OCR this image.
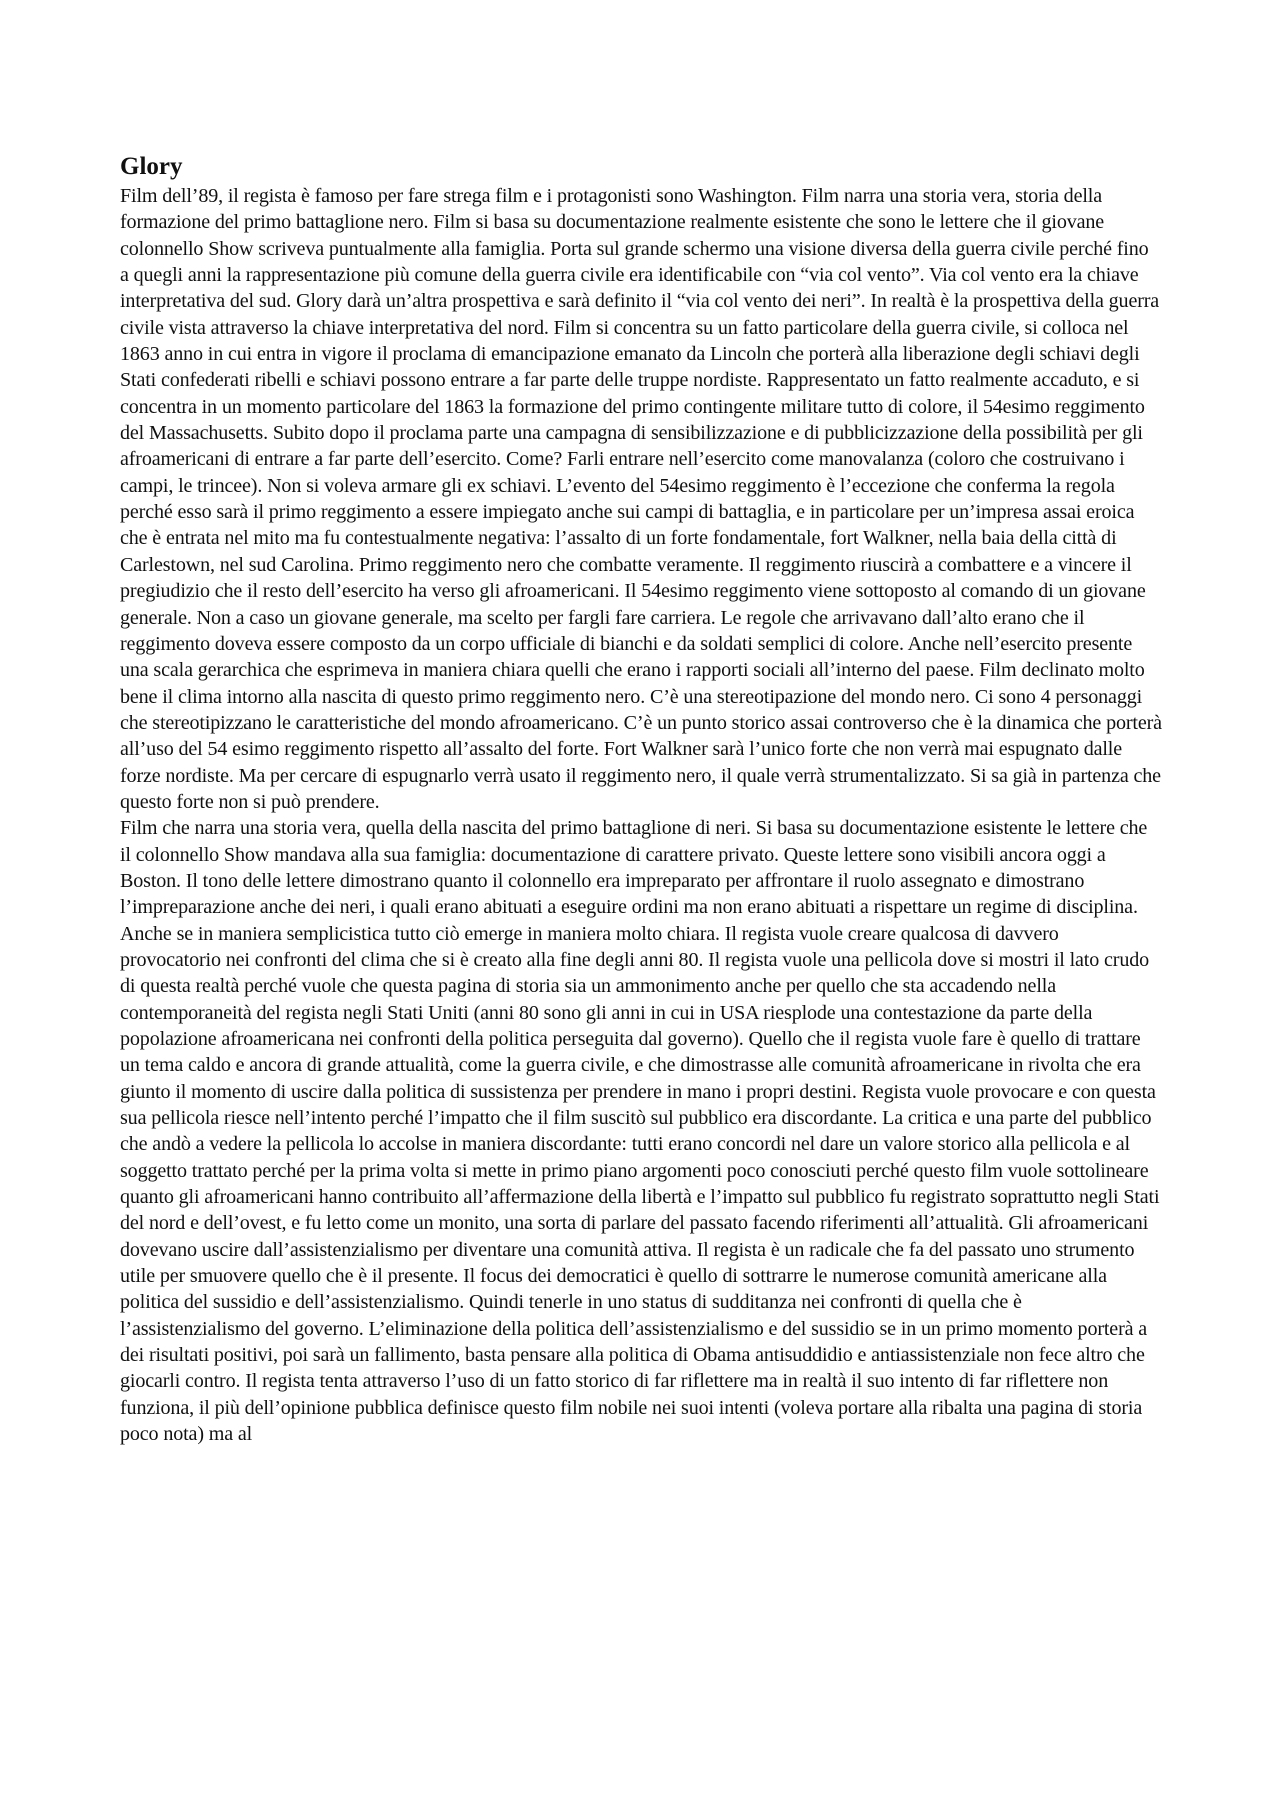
Glory

Film dell’89, il regista è famoso per fare strega film e i protagonisti sono Washington. Film narra una storia vera, storia della formazione del primo battaglione nero. Film si basa su documentazione realmente esistente che sono le lettere che il giovane colonnello Show scriveva puntualmente alla famiglia. Porta sul grande schermo una visione diversa della guerra civile perché fino a quegli anni la rappresentazione più comune della guerra civile era identificabile con “via col vento”. Via col vento era la chiave interpretativa del sud. Glory darà un’altra prospettiva e sarà definito il “via col vento dei neri”. In realtà è la prospettiva della guerra civile vista attraverso la chiave interpretativa del nord. Film si concentra su un fatto particolare della guerra civile, si colloca nel 1863 anno in cui entra in vigore il proclama di emancipazione emanato da Lincoln che porterà alla liberazione degli schiavi degli Stati confederati ribelli e schiavi possono entrare a far parte delle truppe nordiste. Rappresentato un fatto realmente accaduto, e si concentra in un momento particolare del 1863 la formazione del primo contingente militare tutto di colore, il 54esimo reggimento del Massachusetts. Subito dopo il proclama parte una campagna di sensibilizzazione e di pubblicizzazione della possibilità per gli afroamericani di entrare a far parte dell’esercito. Come? Farli entrare nell’esercito come manovalanza (coloro che costruivano i campi, le trincee). Non si voleva armare gli ex schiavi. L’evento del 54esimo reggimento è l’eccezione che conferma la regola perché esso sarà il primo reggimento a essere impiegato anche sui campi di battaglia, e in particolare per un’impresa assai eroica che è entrata nel mito ma fu contestualmente negativa: l’assalto di un forte fondamentale, fort Walkner, nella baia della città di Carlestown, nel sud Carolina. Primo reggimento nero che combatte veramente. Il reggimento riuscirà a combattere e a vincere il pregiudizio che il resto dell’esercito ha verso gli afroamericani. Il 54esimo reggimento viene sottoposto al comando di un giovane generale. Non a caso un giovane generale, ma scelto per fargli fare carriera. Le regole che arrivavano dall’alto erano che il reggimento doveva essere composto da un corpo ufficiale di bianchi e da soldati semplici di colore. Anche nell’esercito presente una scala gerarchica che esprimeva in maniera chiara quelli che erano i rapporti sociali all’interno del paese. Film declinato molto bene il clima intorno alla nascita di questo primo reggimento nero. C’è una stereotipazione del mondo nero. Ci sono 4 personaggi che stereotipizzano le caratteristiche del mondo afroamericano. C’è un punto storico assai controverso che è la dinamica che porterà all’uso del 54 esimo reggimento rispetto all’assalto del forte. Fort Walkner sarà l’unico forte che non verrà mai espugnato dalle forze nordiste. Ma per cercare di espugnarlo verrà usato il reggimento nero, il quale verrà strumentalizzato. Si sa già in partenza che questo forte non si può prendere.

Film che narra una storia vera, quella della nascita del primo battaglione di neri. Si basa su documentazione esistente le lettere che il colonnello Show mandava alla sua famiglia: documentazione di carattere privato. Queste lettere sono visibili ancora oggi a Boston. Il tono delle lettere dimostrano quanto il colonnello era impreparato per affrontare il ruolo assegnato e dimostrano l’impreparazione anche dei neri, i quali erano abituati a eseguire ordini ma non erano abituati a rispettare un regime di disciplina. Anche se in maniera semplicistica tutto ciò emerge in maniera molto chiara. Il regista vuole creare qualcosa di davvero provocatorio nei confronti del clima che si è creato alla fine degli anni 80. Il regista vuole una pellicola dove si mostri il lato crudo di questa realtà perché vuole che questa pagina di storia sia un ammonimento anche per quello che sta accadendo nella contemporaneità del regista negli Stati Uniti (anni 80 sono gli anni in cui in USA riesplode una contestazione da parte della popolazione afroamericana nei confronti della politica perseguita dal governo). Quello che il regista vuole fare è quello di trattare un tema caldo e ancora di grande attualità, come la guerra civile, e che dimostrasse alle comunità afroamericane in rivolta che era giunto il momento di uscire dalla politica di sussistenza per prendere in mano i propri destini. Regista vuole provocare e con questa sua pellicola riesce nell’intento perché l’impatto che il film suscitò sul pubblico era discordante. La critica e una parte del pubblico che andò a vedere la pellicola lo accolse in maniera discordante: tutti erano concordi nel dare un valore storico alla pellicola e al soggetto trattato perché per la prima volta si mette in primo piano argomenti poco conosciuti perché questo film vuole sottolineare quanto gli afroamericani hanno contribuito all’affermazione della libertà e l’impatto sul pubblico fu registrato soprattutto negli Stati del nord e dell’ovest, e fu letto come un monito, una sorta di parlare del passato facendo riferimenti all’attualità. Gli afroamericani dovevano uscire dall’assistenzialismo per diventare una comunità attiva. Il regista è un radicale che fa del passato uno strumento utile per smuovere quello che è il presente. Il focus dei democratici è quello di sottrarre le numerose comunità americane alla politica del sussidio e dell’assistenzialismo. Quindi tenerle in uno status di sudditanza nei confronti di quella che è l’assistenzialismo del governo. L’eliminazione della politica dell’assistenzialismo e del sussidio se in un primo momento porterà a dei risultati positivi, poi sarà un fallimento, basta pensare alla politica di Obama antisuddidio e antiassistenziale non fece altro che giocarli contro. Il regista tenta attraverso l’uso di un fatto storico di far riflettere ma in realtà il suo intento di far riflettere non funziona, il più dell’opinione pubblica definisce questo film nobile nei suoi intenti (voleva portare alla ribalta una pagina di storia poco nota) ma al
